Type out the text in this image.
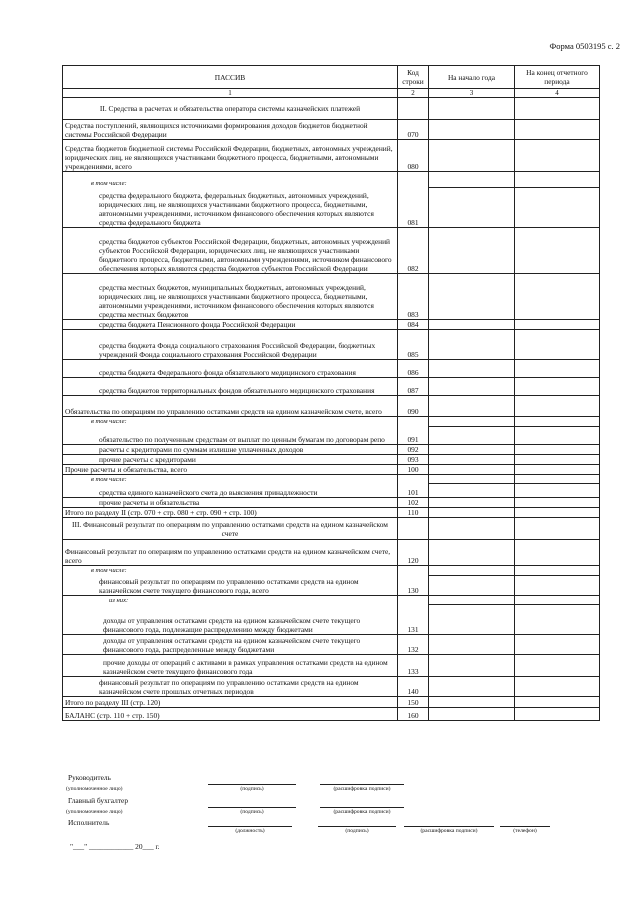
Форма 0503195 с. 2
ПАССИВ	Код строки	На начало года	На конец отчетного периода
1	2	3	4
II. Средства в расчетах и обязательства оператора системы казначейских платежей			
Средства поступлений, являющихся источниками формирования доходов бюджетов бюджетной системы Российской Федерации	070		
Средства бюджетов бюджетной системы Российской Федерации, бюджетных, автономных учреждений, юридических лиц, не являющихся участниками бюджетного процесса, бюджетными, автономными учреждениями, всего	080		
в том числе:			
средства федерального бюджета, федеральных бюджетных, автономных учреждений, юридических лиц, не являющихся участниками бюджетного процесса, бюджетными, автономными учреждениями, источником финансового обеспечения которых являются средства федерального бюджета	081		
средства бюджетов субъектов Российской Федерации, бюджетных, автономных учреждений субъектов Российской Федерации, юридических лиц, не являющихся участниками бюджетного процесса, бюджетными, автономными учреждениями, источником финансового обеспечения которых являются средства бюджетов субъектов Российской Федерации	082		
средства местных бюджетов, муниципальных бюджетных, автономных учреждений, юридических лиц, не являющихся участниками бюджетного процесса, бюджетными, автономными учреждениями, источником финансового обеспечения которых являются средства местных бюджетов	083		
средства бюджета Пенсионного фонда Российской Федерации	084		
средства бюджета Фонда социального страхования Российской Федерации, бюджетных учреждений Фонда социального страхования Российской Федерации	085		
средства бюджета Федерального фонда обязательного медицинского страхования	086		
средства бюджетов территориальных фондов обязательного медицинского страхования	087		
Обязательства по операциям по управлению остатками средств на едином казначейском счете, всего	090		
в том числе:			
обязательство по полученным средствам от выплат по ценным бумагам по договорам репо	091		
расчеты с кредиторами по суммам излишне уплаченных доходов	092		
прочие расчеты с кредиторами	093		
Прочие расчеты и обязательства, всего	100		
в том числе:			
средства единого казначейского счета до выяснения принадлежности	101		
прочие расчеты и обязательства	102		
Итого по разделу II (стр. 070 + стр. 080 + стр. 090 + стр. 100)	110		
III. Финансовый результат по операциям по управлению остатками средств на едином казначейском счете			
Финансовый результат по операциям по управлению остатками средств на едином казначейском счете, всего	120		
в том числе:			
финансовый результат по операциям по управлению остатками средств на едином казначейском счете текущего финансового года, всего	130		
из них:			
доходы от управления остатками средств на едином казначейском счете текущего финансового года, подлежащие распределению между бюджетами	131		
доходы от управления остатками средств на едином казначейском счете текущего финансового года, распределенные между бюджетами	132		
прочие доходы от операций с активами в рамках управления остатками средств на едином казначейском счете текущего финансового года	133		
финансовый результат по операциям по управлению остатками средств на едином казначейском счете прошлых отчетных периодов	140		
Итого по разделу III (стр. 120)	150		
БАЛАНС (стр. 110 + стр. 150)	160		
Руководитель
(уполномоченное лицо)	(подпись)	(расшифровка подписи)
Главный бухгалтер
(уполномоченное лицо)	(подпись)	(расшифровка подписи)
Исполнитель
(должность)	(подпись)	(расшифровка подписи)	(телефон)
"___" ____________ 20___ г.
